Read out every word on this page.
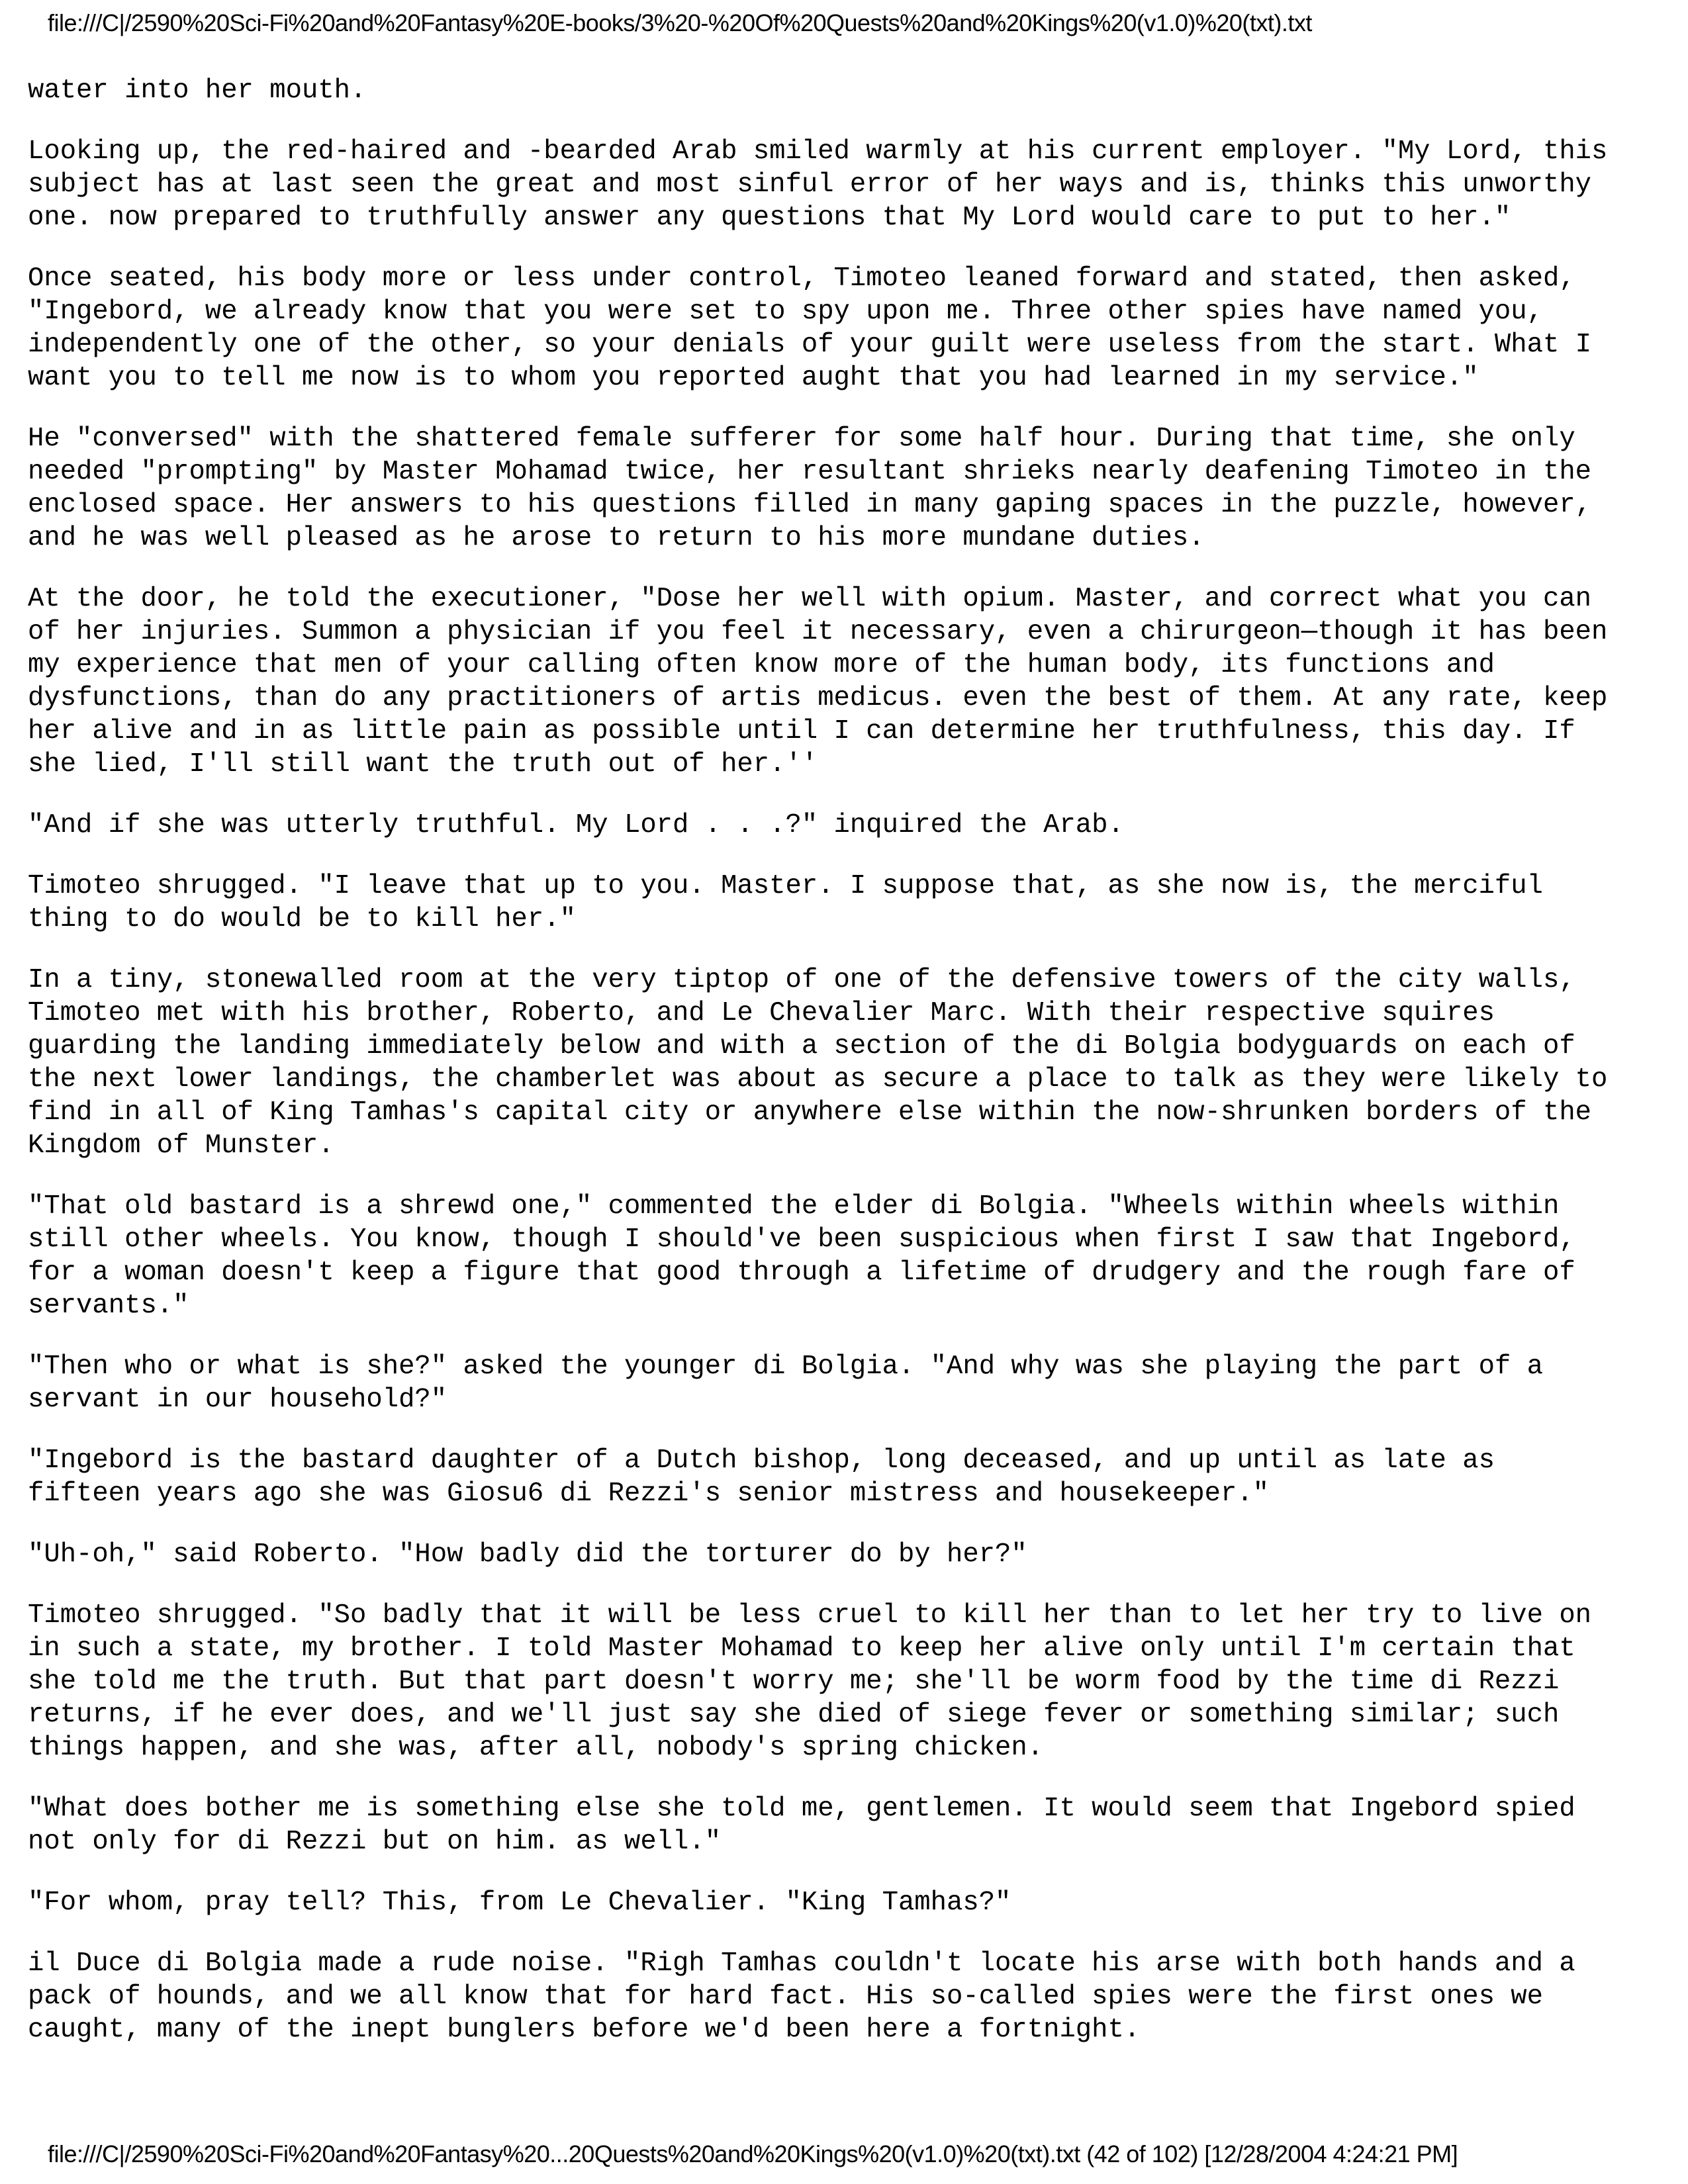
file:///C|/2590%20Sci-Fi%20and%20Fantasy%20E-books/3%20-%20Of%20Quests%20and%20Kings%20(v1.0)%20(txt).txt

water into her mouth.

Looking up, the red-haired and -bearded Arab smiled warmly at his current employer. "My Lord, this
subject has at last seen the great and most sinful error of her ways and is, thinks this unworthy
one. now prepared to truthfully answer any questions that My Lord would care to put to her."

Once seated, his body more or less under control, Timoteo leaned forward and stated, then asked,
"Ingebord, we already know that you were set to spy upon me. Three other spies have named you,
independently one of the other, so your denials of your guilt were useless from the start. What I
want you to tell me now is to whom you reported aught that you had learned in my service."

He "conversed" with the shattered female sufferer for some half hour. During that time, she only
needed "prompting" by Master Mohamad twice, her resultant shrieks nearly deafening Timoteo in the
enclosed space. Her answers to his questions filled in many gaping spaces in the puzzle, however,
and he was well pleased as he arose to return to his more mundane duties.

At the door, he told the executioner, "Dose her well with opium. Master, and correct what you can
of her injuries. Summon a physician if you feel it necessary, even a chirurgeon—though it has been
my experience that men of your calling often know more of the human body, its functions and
dysfunctions, than do any practitioners of artis medicus. even the best of them. At any rate, keep
her alive and in as little pain as possible until I can determine her truthfulness, this day. If
she lied, I'll still want the truth out of her.''

"And if she was utterly truthful. My Lord . . .?" inquired the Arab.

Timoteo shrugged. "I leave that up to you. Master. I suppose that, as she now is, the merciful
thing to do would be to kill her."

In a tiny, stonewalled room at the very tiptop of one of the defensive towers of the city walls,
Timoteo met with his brother, Roberto, and Le Chevalier Marc. With their respective squires
guarding the landing immediately below and with a section of the di Bolgia bodyguards on each of
the next lower landings, the chamberlet was about as secure a place to talk as they were likely to
find in all of King Tamhas's capital city or anywhere else within the now-shrunken borders of the
Kingdom of Munster.

"That old bastard is a shrewd one," commented the elder di Bolgia. "Wheels within wheels within
still other wheels. You know, though I should've been suspicious when first I saw that Ingebord,
for a woman doesn't keep a figure that good through a lifetime of drudgery and the rough fare of
servants."

"Then who or what is she?" asked the younger di Bolgia. "And why was she playing the part of a
servant in our household?"

"Ingebord is the bastard daughter of a Dutch bishop, long deceased, and up until as late as
fifteen years ago she was Giosu6 di Rezzi's senior mistress and housekeeper."

"Uh-oh," said Roberto. "How badly did the torturer do by her?"

Timoteo shrugged. "So badly that it will be less cruel to kill her than to let her try to live on
in such a state, my brother. I told Master Mohamad to keep her alive only until I'm certain that
she told me the truth. But that part doesn't worry me; she'll be worm food by the time di Rezzi
returns, if he ever does, and we'll just say she died of siege fever or something similar; such
things happen, and she was, after all, nobody's spring chicken.

"What does bother me is something else she told me, gentlemen. It would seem that Ingebord spied
not only for di Rezzi but on him. as well."

"For whom, pray tell? This, from Le Chevalier. "King Tamhas?"

il Duce di Bolgia made a rude noise. "Righ Tamhas couldn't locate his arse with both hands and a
pack of hounds, and we all know that for hard fact. His so-called spies were the first ones we
caught, many of the inept bunglers before we'd been here a fortnight.

file:///C|/2590%20Sci-Fi%20and%20Fantasy%20...20Quests%20and%20Kings%20(v1.0)%20(txt).txt (42 of 102) [12/28/2004 4:24:21 PM]
